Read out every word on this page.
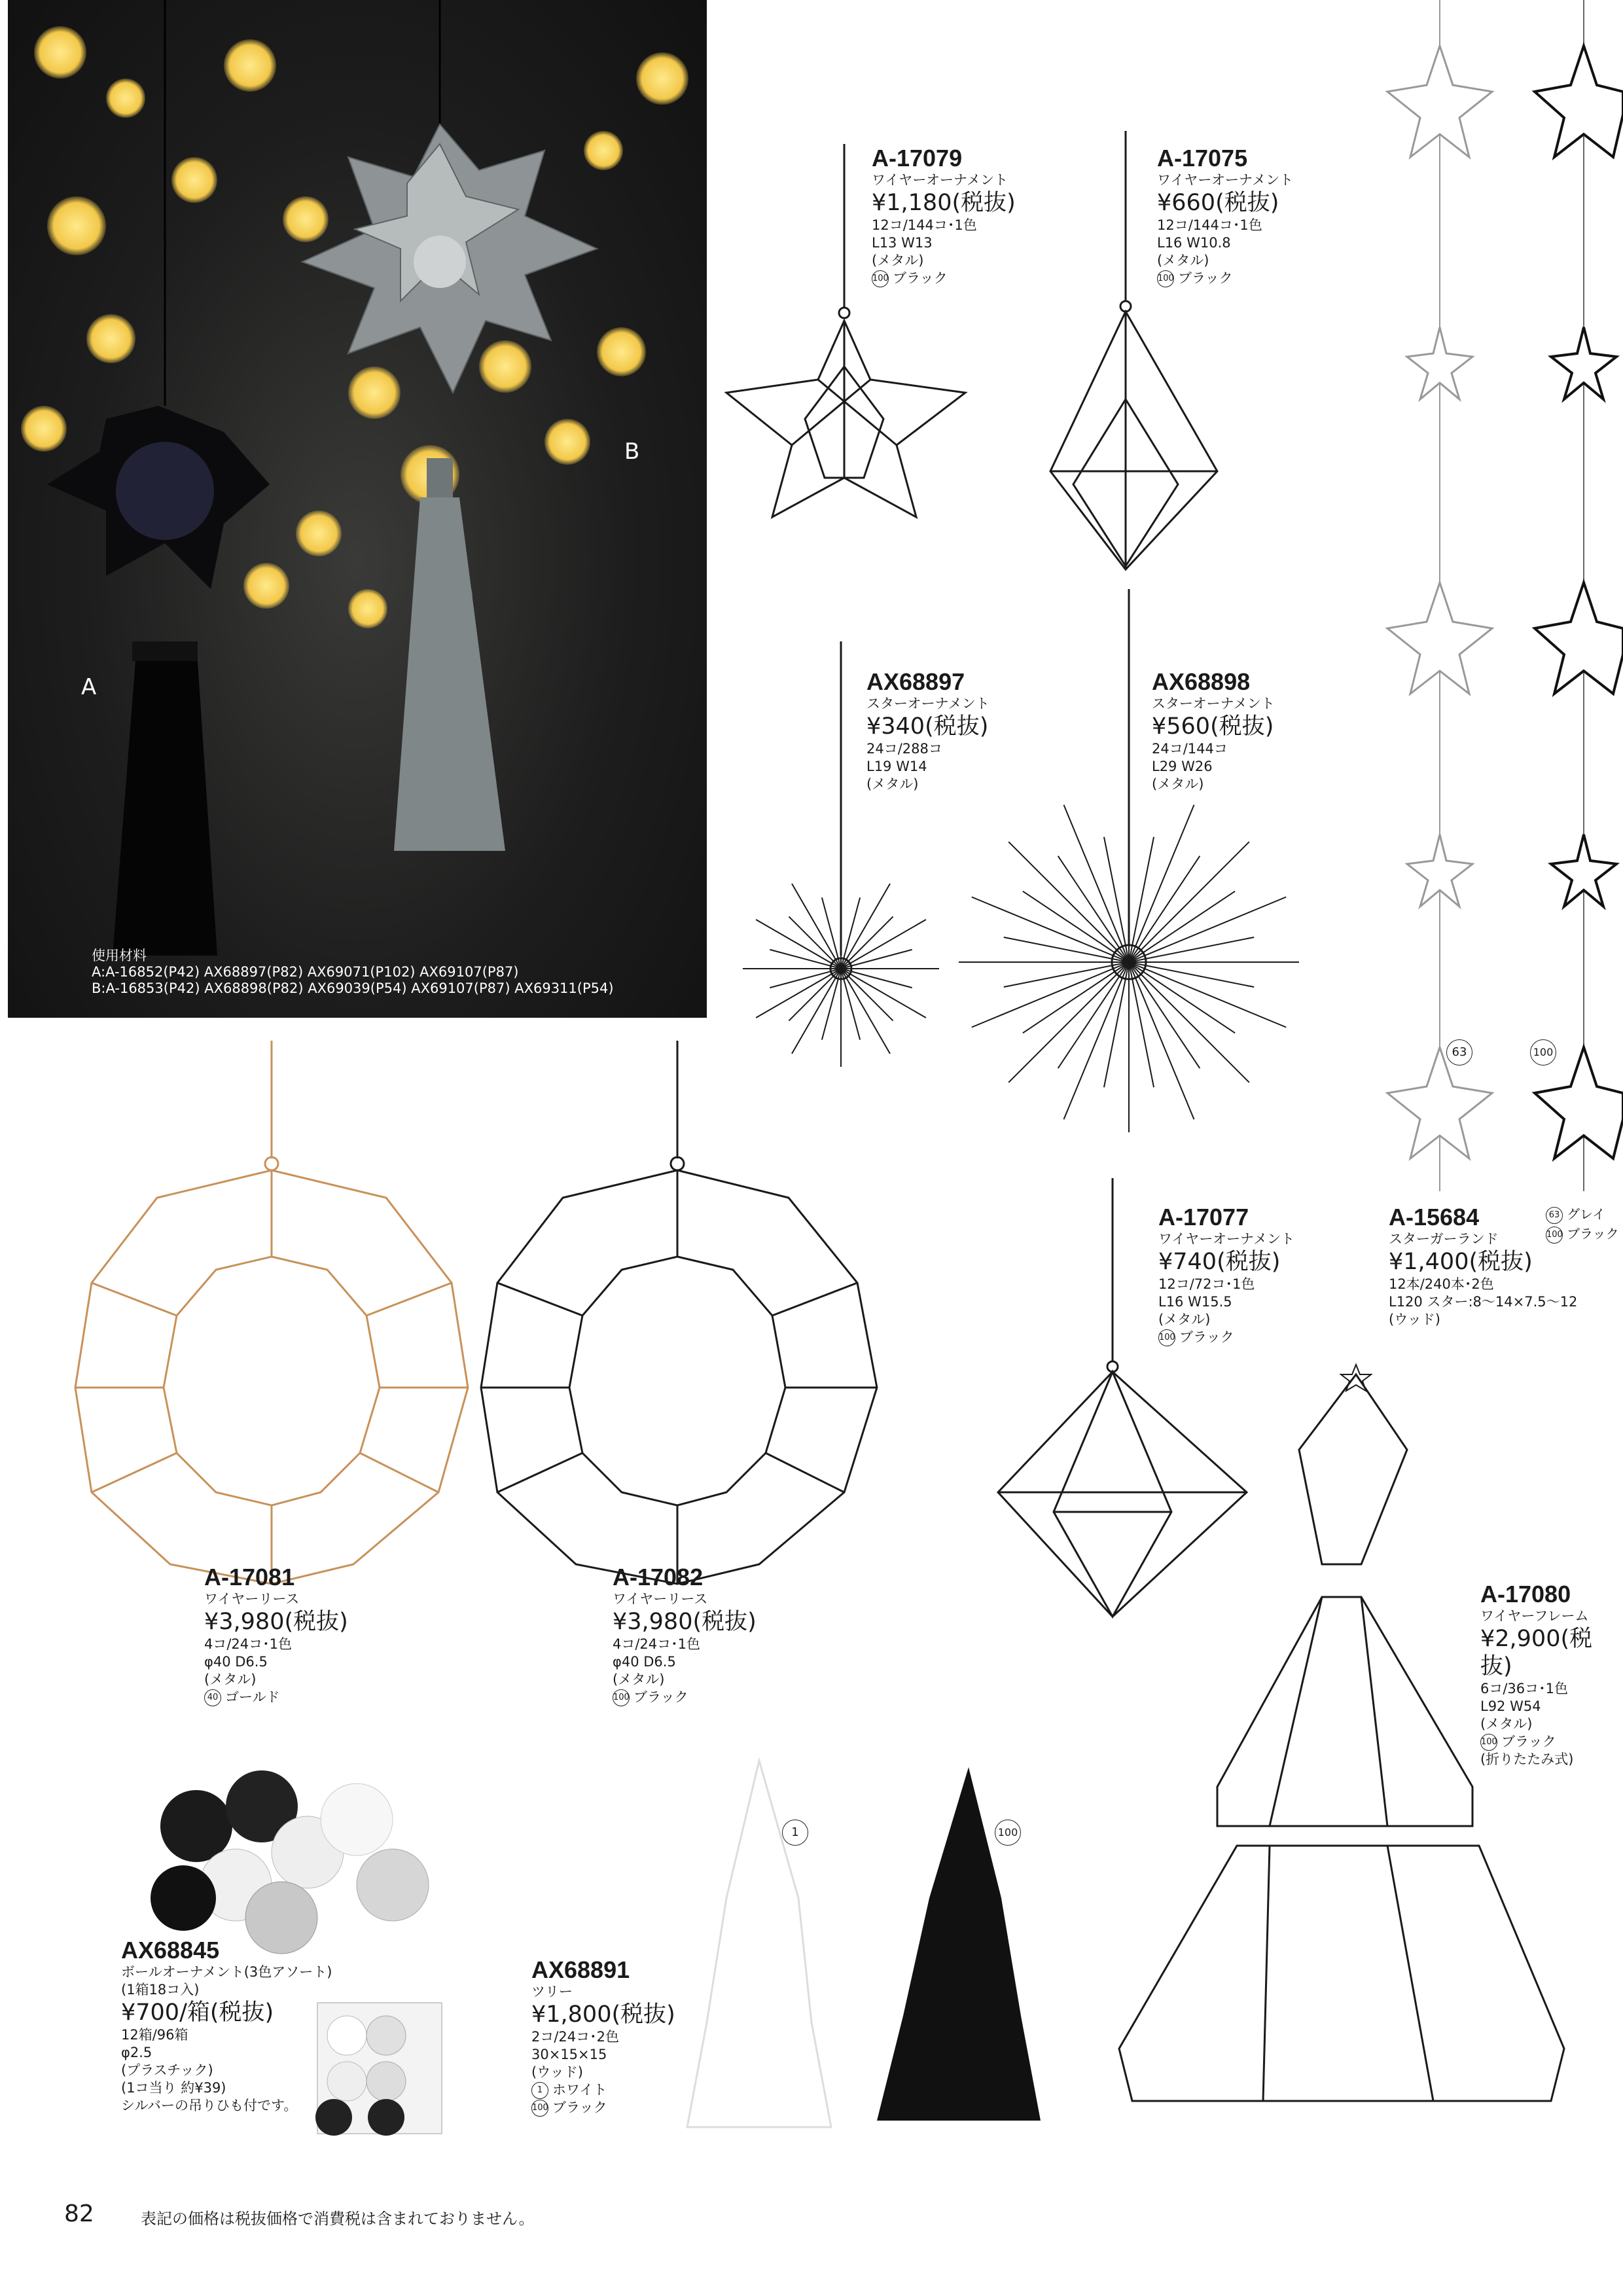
A
B
使用材料
A:A-16852(P42) AX68897(P82) AX69071(P102) AX69107(P87)
B:A-16853(P42) AX68898(P82) AX69039(P54) AX69107(P87) AX69311(P54)
A-17079
ワイヤーオーナメント
¥1,180(税抜)
12コ/144コ･1色
L13 W13
(メタル)
100 ブラック
A-17075
ワイヤーオーナメント
¥660(税抜)
12コ/144コ･1色
L16 W10.8
(メタル)
100 ブラック
AX68897
スターオーナメント
¥340(税抜)
24コ/288コ
L19 W14
(メタル)
AX68898
スターオーナメント
¥560(税抜)
24コ/144コ
L29 W26
(メタル)
A-17077
ワイヤーオーナメント
¥740(税抜)
12コ/72コ･1色
L16 W15.5
(メタル)
100 ブラック
A-15684
スターガーランド
¥1,400(税抜)
12本/240本･2色
L120 スター:8～14×7.5～12
(ウッド)
63 グレイ
100 ブラック
63	100
A-17081
ワイヤーリース
¥3,980(税抜)
4コ/24コ･1色
φ40 D6.5
(メタル)
40 ゴールド
A-17082
ワイヤーリース
¥3,980(税抜)
4コ/24コ･1色
φ40 D6.5
(メタル)
100 ブラック
A-17080
ワイヤーフレーム
¥2,900(税抜)
6コ/36コ･1色
L92 W54
(メタル)
100 ブラック
(折りたたみ式)
AX68845
ボールオーナメント(3色アソート)
(1箱18コ入)
¥700/箱(税抜)
12箱/96箱
φ2.5
(プラスチック)
(1コ当り 約¥39)
シルバーの吊りひも付です。
AX68891
ツリー
¥1,800(税抜)
2コ/24コ･2色
30×15×15
(ウッド)
1 ホワイト
100 ブラック
1	100
82	表記の価格は税抜価格で消費税は含まれておりません。
